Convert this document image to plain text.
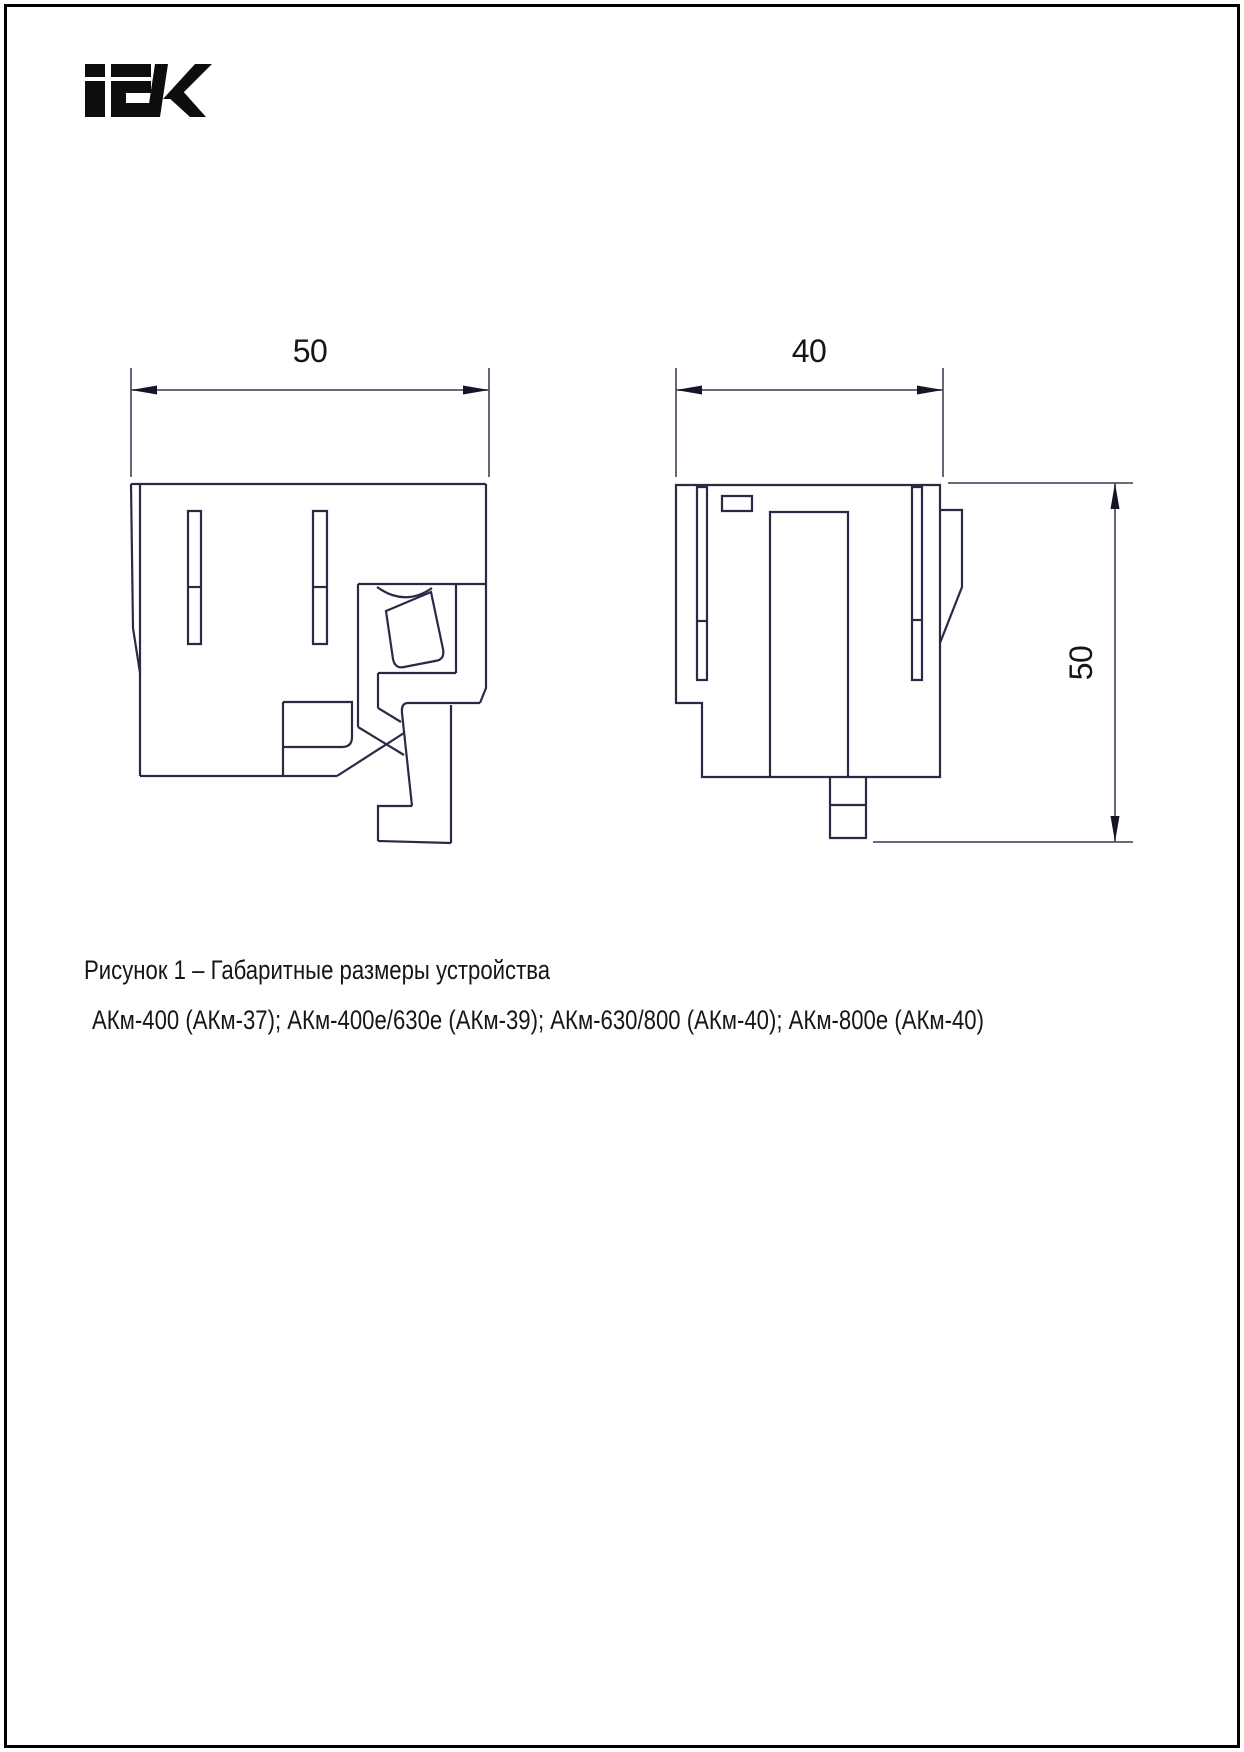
50	40
50
Рисунок 1 – Габаритные размеры устройства
АКм-400 (АКм-37); АКм-400е/630е (АКм-39); АКм-630/800 (АКм-40); АКм-800е (АКм-40)
